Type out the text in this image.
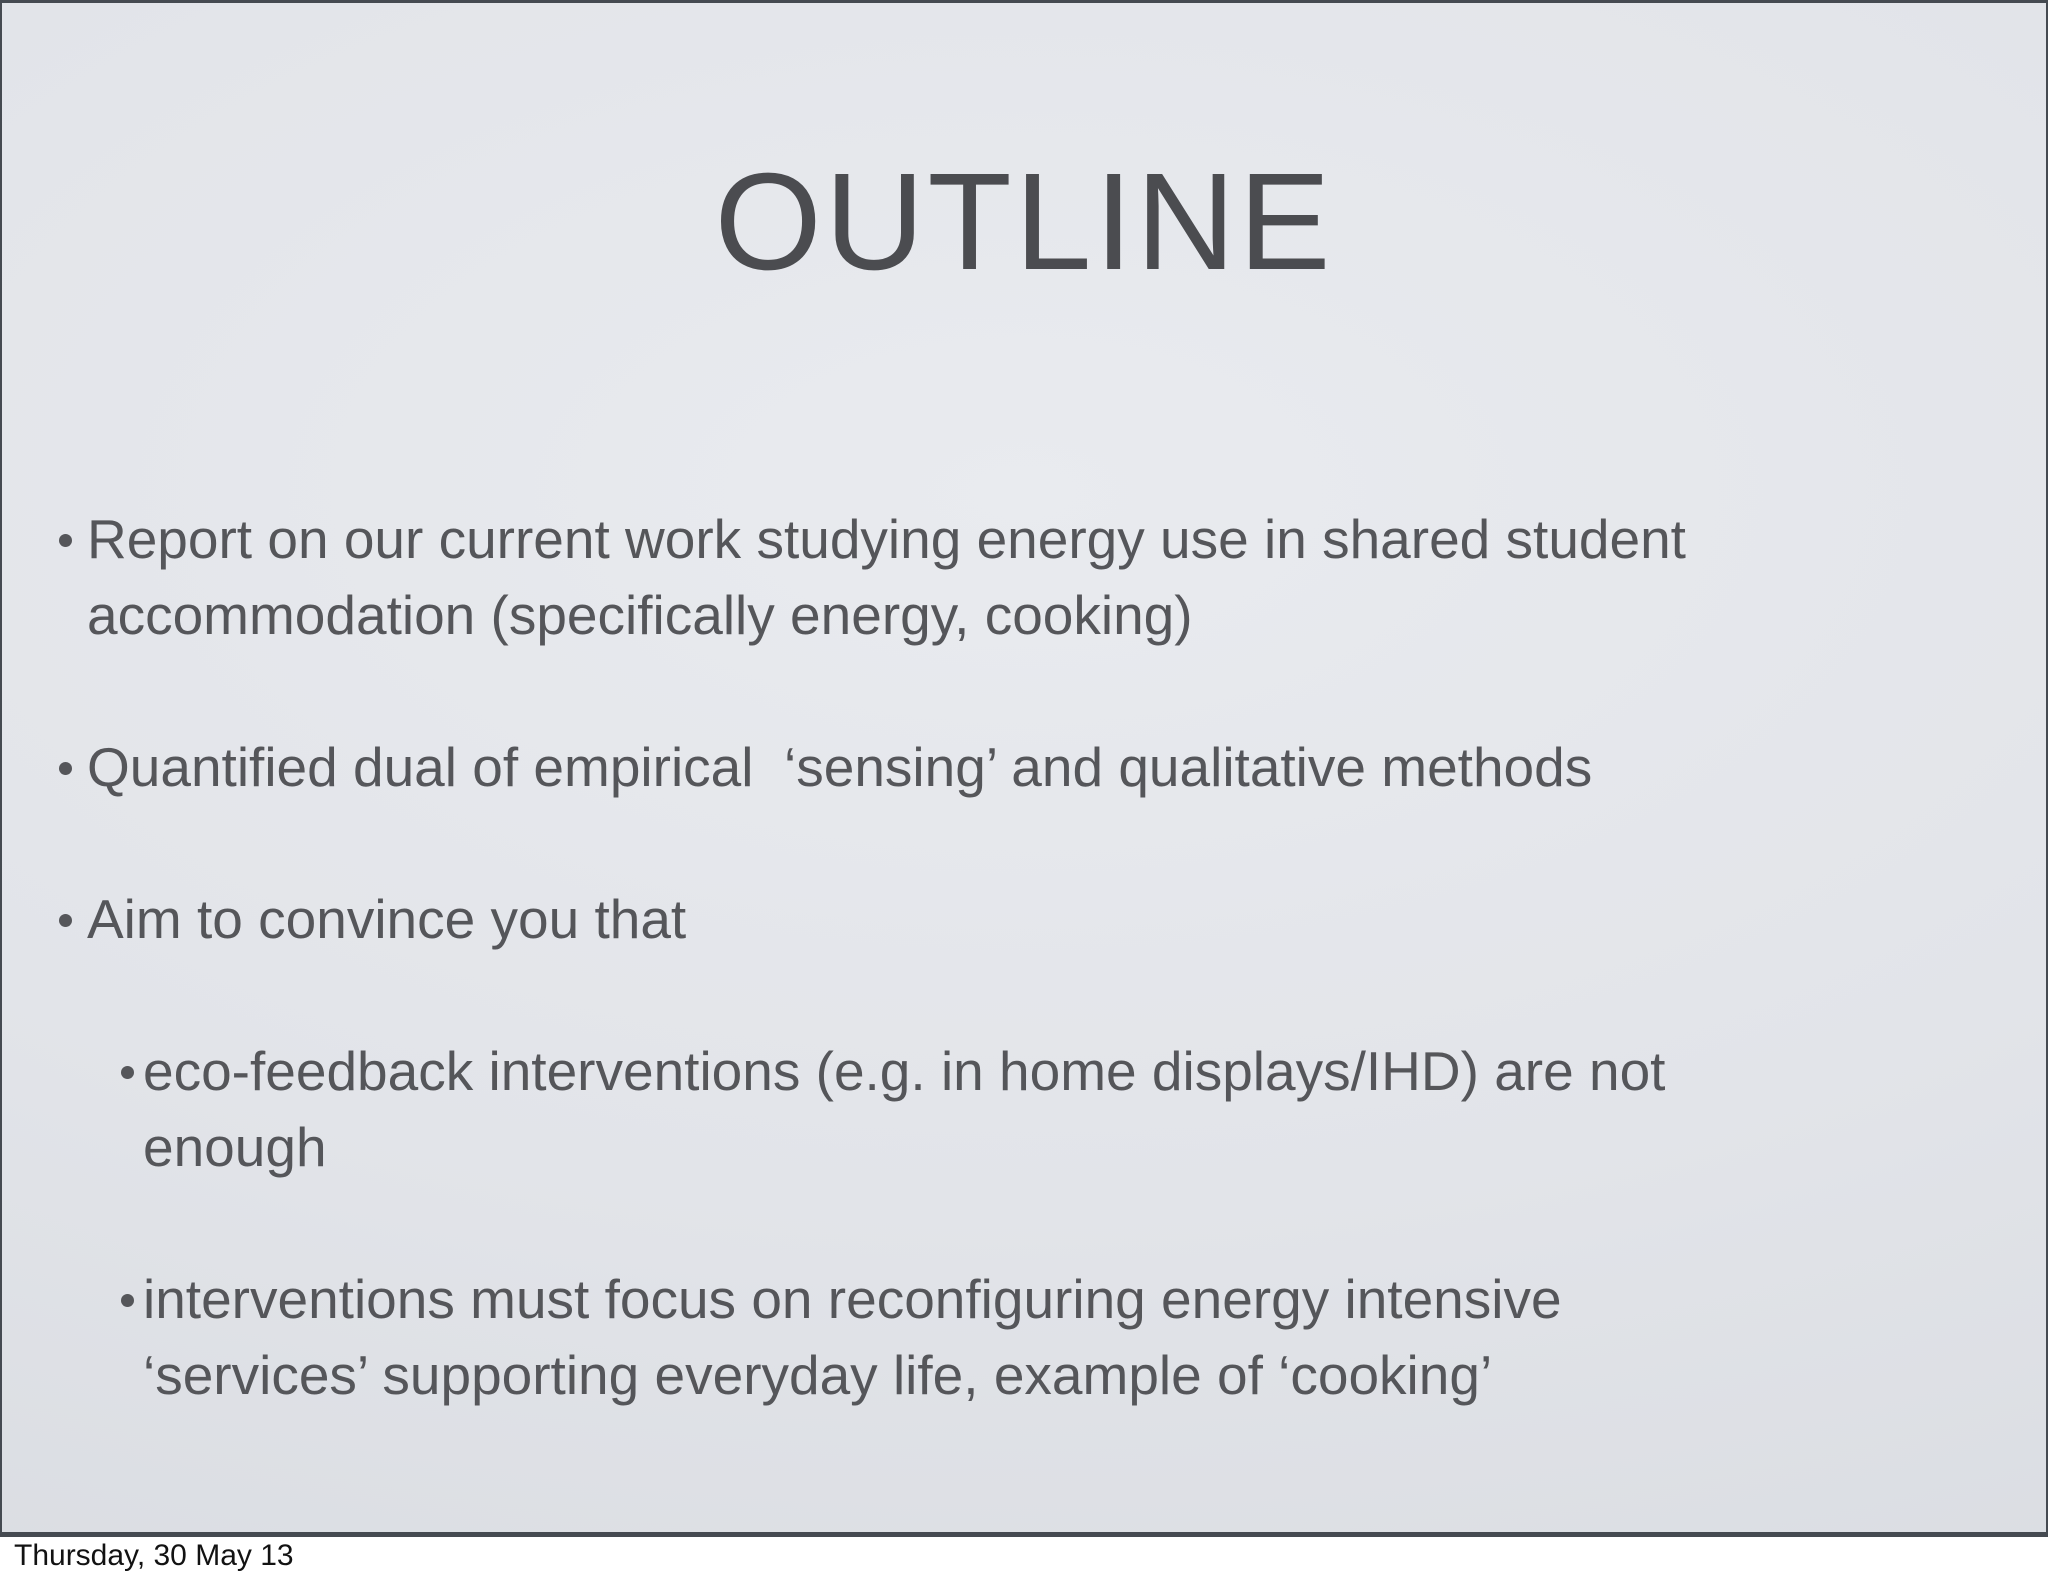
OUTLINE
Report on our current work studying energy use in shared student
accommodation (specifically energy, cooking)
Quantified dual of empirical  ‘sensing’ and qualitative methods
Aim to convince you that
eco-feedback interventions (e.g. in home displays/IHD) are not
enough
interventions must focus on reconfiguring energy intensive
‘services’ supporting everyday life, example of ‘cooking’
Thursday, 30 May 13
